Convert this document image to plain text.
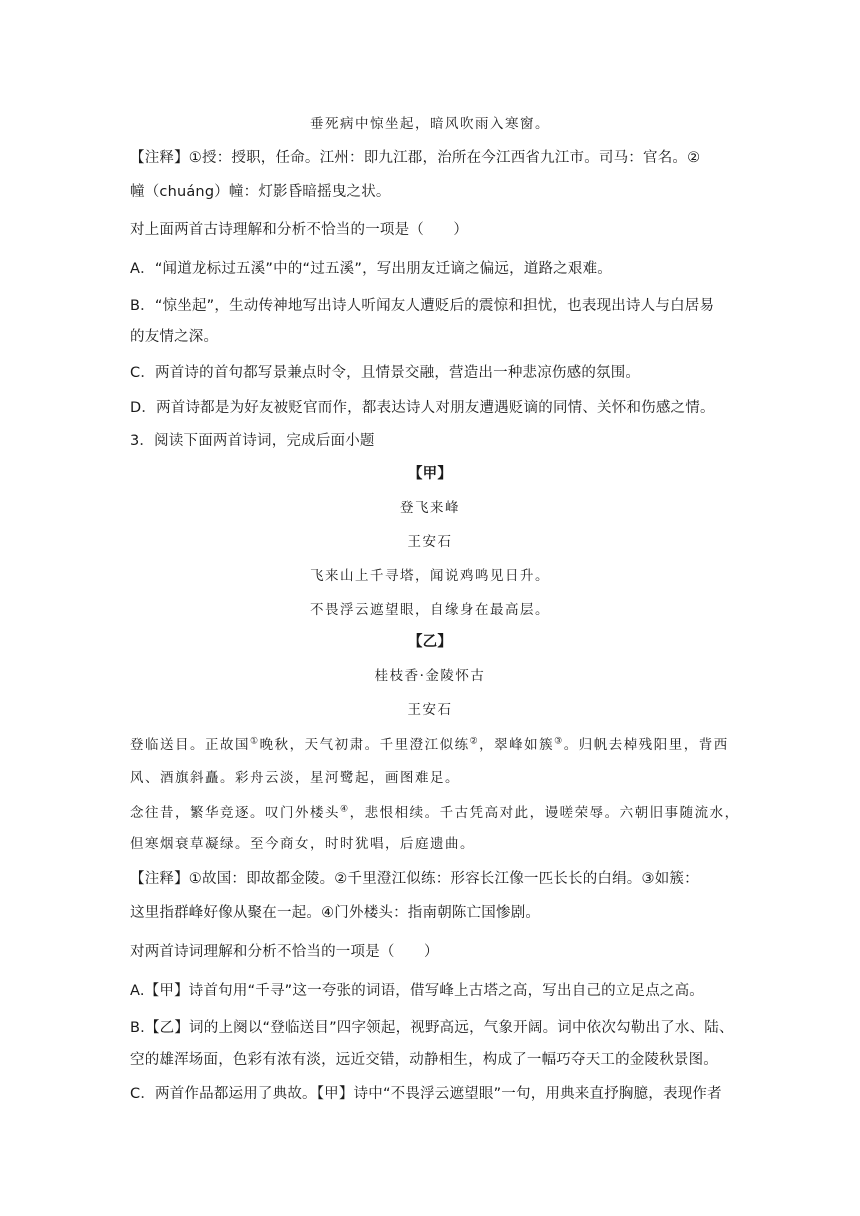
垂死病中惊坐起，暗风吹雨入寒窗。
【注释】①授：授职，任命。江州：即九江郡，治所在今江西省九江市。司马：官名。②
幢（chuáng）幢：灯影昏暗摇曳之状。
对上面两首古诗理解和分析不恰当的一项是（　　）
A．“闻道龙标过五溪”中的“过五溪”，写出朋友迁谪之偏远，道路之艰难。
B．“惊坐起”，生动传神地写出诗人听闻友人遭贬后的震惊和担忧，也表现出诗人与白居易
的友情之深。
C．两首诗的首句都写景兼点时令，且情景交融，营造出一种悲凉伤感的氛围。
D．两首诗都是为好友被贬官而作，都表达诗人对朋友遭遇贬谪的同情、关怀和伤感之情。
3．阅读下面两首诗词，完成后面小题
【甲】
登飞来峰
王安石
飞来山上千寻塔，闻说鸡鸣见日升。
不畏浮云遮望眼，自缘身在最高层。
【乙】
桂枝香·金陵怀古
王安石
登临送目。正故国①晚秋，天气初肃。千里澄江似练②，翠峰如簇③。归帆去棹残阳里，背西
风、酒旗斜矗。彩舟云淡，星河鹭起，画图难足。
念往昔，繁华竞逐。叹门外楼头④，悲恨相续。千古凭高对此，谩嗟荣辱。六朝旧事随流水，
但寒烟衰草凝绿。至今商女，时时犹唱，后庭遗曲。
【注释】①故国：即故都金陵。②千里澄江似练：形容长江像一匹长长的白绢。③如簇：
这里指群峰好像从聚在一起。④门外楼头：指南朝陈亡国惨剧。
对两首诗词理解和分析不恰当的一项是（　　）
A.【甲】诗首句用“千寻”这一夸张的词语，借写峰上古塔之高，写出自己的立足点之高。
B.【乙】词的上阕以“登临送目”四字领起，视野高远，气象开阔。词中依次勾勒出了水、陆、
空的雄浑场面，色彩有浓有淡，远近交错，动静相生，构成了一幅巧夺天工的金陵秋景图。
C．两首作品都运用了典故。【甲】诗中“不畏浮云遮望眼”一句，用典来直抒胸臆，表现作者
